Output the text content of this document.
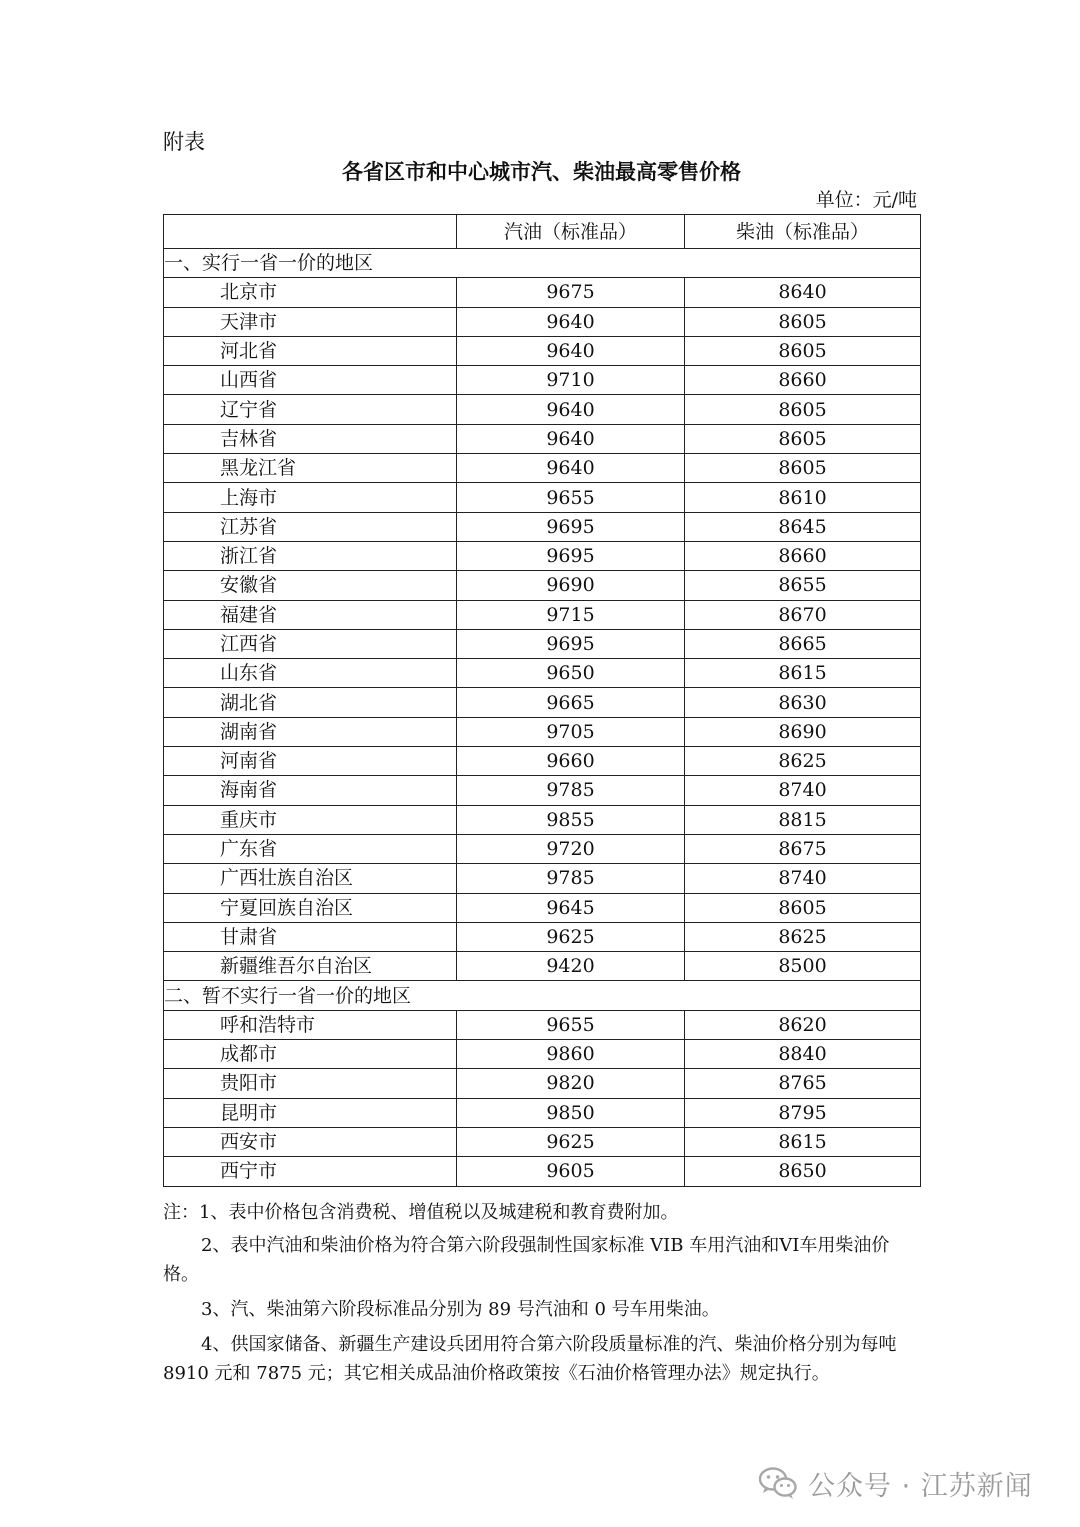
附表
各省区市和中心城市汽、柴油最高零售价格
单位：元/吨
	汽油（标准品）	柴油（标准品）
一、实行一省一价的地区		
北京市	9675	8640
天津市	9640	8605
河北省	9640	8605
山西省	9710	8660
辽宁省	9640	8605
吉林省	9640	8605
黑龙江省	9640	8605
上海市	9655	8610
江苏省	9695	8645
浙江省	9695	8660
安徽省	9690	8655
福建省	9715	8670
江西省	9695	8665
山东省	9650	8615
湖北省	9665	8630
湖南省	9705	8690
河南省	9660	8625
海南省	9785	8740
重庆市	9855	8815
广东省	9720	8675
广西壮族自治区	9785	8740
宁夏回族自治区	9645	8605
甘肃省	9625	8625
新疆维吾尔自治区	9420	8500
二、暂不实行一省一价的地区		
呼和浩特市	9655	8620
成都市	9860	8840
贵阳市	9820	8765
昆明市	9850	8795
西安市	9625	8615
西宁市	9605	8650

注：1、表中价格包含消费税、增值税以及城建税和教育费附加。

2、表中汽油和柴油价格为符合第六阶段强制性国家标准 VIB 车用汽油和VI车用柴油价格。

3、汽、柴油第六阶段标准品分别为 89 号汽油和 0 号车用柴油。

4、供国家储备、新疆生产建设兵团用符合第六阶段质量标准的汽、柴油价格分别为每吨 8910 元和 7875 元；其它相关成品油价格政策按《石油价格管理办法》规定执行。

公众号 · 江苏新闻
